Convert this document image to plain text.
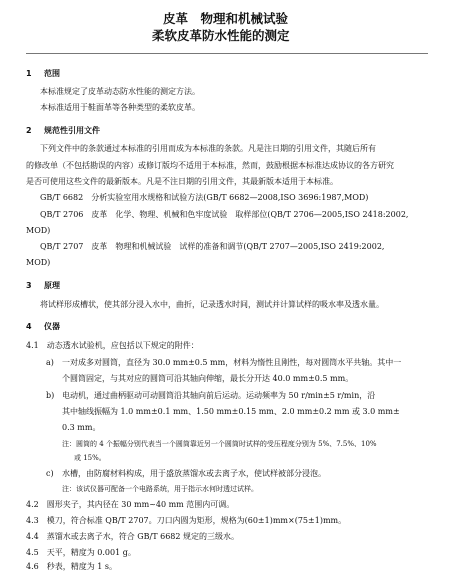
皮革　物理和机械试验
柔软皮革防水性能的测定
1 范围
本标准规定了皮革动态防水性能的测定方法。
本标准适用于鞋面革等各种类型的柔软皮革。
2 规范性引用文件
下列文件中的条款通过本标准的引用而成为本标准的条款。凡是注日期的引用文件，其随后所有
的修改单（不包括勘误的内容）或修订版均不适用于本标准，然而，鼓励根据本标准达成协议的各方研究
是否可使用这些文件的最新版本。凡是不注日期的引用文件，其最新版本适用于本标准。
GB/T 6682　分析实验室用水规格和试验方法(GB/T 6682—2008,ISO 3696:1987,MOD)
QB/T 2706　皮革　化学、物理、机械和色牢度试验　取样部位(QB/T 2706—2005,ISO 2418:2002,
MOD)
QB/T 2707　皮革　物理和机械试验　试样的准备和调节(QB/T 2707—2005,ISO 2419:2002,
MOD)
3 原理
将试样形成槽状，使其部分浸入水中，曲折，记录透水时间，测试并计算试样的吸水率及透水量。
4 仪器
4.1　动态透水试验机，应包括以下规定的附件：
a) 一对成多对圆筒，直径为 30.0 mm±0.5 mm，材料为惰性且刚性，每对圆筒水平共轴。其中一
个圆筒固定，与其对应的圆筒可沿其轴向伸缩，最长分开达 40.0 mm±0.5 mm。
b) 电动机，通过曲柄驱动可动圆筒沿其轴向前后运动。运动频率为 50 r/min±5 r/min，沿
其中轴线振幅为 1.0 mm±0.1 mm、1.50 mm±0.15 mm、2.0 mm±0.2 mm 或 3.0 mm±
0.3 mm。
注：圆筒的 4 个振幅分别代表当一个圆筒靠近另一个圆筒时试样的受压程度分别为 5%、7.5%、10%
或 15%。
c) 水槽，由防腐材料构成，用于盛放蒸馏水或去离子水，使试样被部分浸泡。
注：该试仪器可配备一个电路系统，用于指示水何时透过试样。
4.2　圆形夹子，其内径在 30 mm~40 mm 范围内可调。
4.3　模刀，符合标准 QB/T 2707。刀口内圆为矩形，规格为(60±1)mm×(75±1)mm。
4.4　蒸馏水或去离子水，符合 GB/T 6682 规定的三级水。
4.5　天平，精度为 0.001 g。
4.6　秒表，精度为 1 s。
